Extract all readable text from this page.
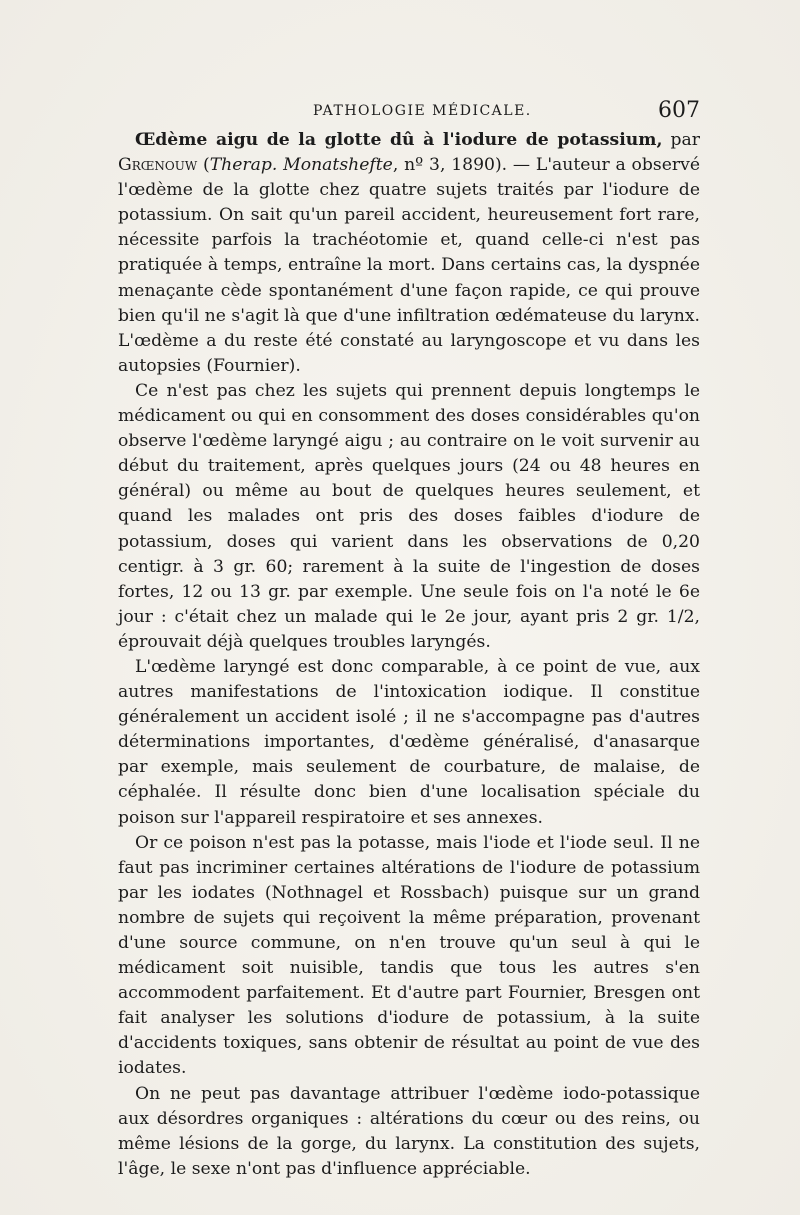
PATHOLOGIE MÉDICALE.	607

Œdème aigu de la glotte dû à l'iodure de potassium, par Grœnouw (Therap. Monatshefte, nº 3, 1890). — L'auteur a observé l'œdème de la glotte chez quatre sujets traités par l'iodure de potassium. On sait qu'un pareil accident, heureusement fort rare, nécessite parfois la trachéotomie et, quand celle-ci n'est pas pratiquée à temps, entraîne la mort. Dans certains cas, la dyspnée menaçante cède spontanément d'une façon rapide, ce qui prouve bien qu'il ne s'agit là que d'une infiltration œdémateuse du larynx. L'œdème a du reste été constaté au laryngoscope et vu dans les autopsies (Fournier).

Ce n'est pas chez les sujets qui prennent depuis longtemps le médicament ou qui en consomment des doses considérables qu'on observe l'œdème laryngé aigu ; au contraire on le voit survenir au début du traitement, après quelques jours (24 ou 48 heures en général) ou même au bout de quelques heures seulement, et quand les malades ont pris des doses faibles d'iodure de potassium, doses qui varient dans les observations de 0,20 centigr. à 3 gr. 60; rarement à la suite de l'ingestion de doses fortes, 12 ou 13 gr. par exemple. Une seule fois on l'a noté le 6e jour : c'était chez un malade qui le 2e jour, ayant pris 2 gr. 1/2, éprouvait déjà quelques troubles laryngés.

L'œdème laryngé est donc comparable, à ce point de vue, aux autres manifestations de l'intoxication iodique. Il constitue généralement un accident isolé ; il ne s'accompagne pas d'autres déterminations importantes, d'œdème généralisé, d'anasarque par exemple, mais seulement de courbature, de malaise, de céphalée. Il résulte donc bien d'une localisation spéciale du poison sur l'appareil respiratoire et ses annexes.

Or ce poison n'est pas la potasse, mais l'iode et l'iode seul. Il ne faut pas incriminer certaines altérations de l'iodure de potassium par les iodates (Nothnagel et Rossbach) puisque sur un grand nombre de sujets qui reçoivent la même préparation, provenant d'une source commune, on n'en trouve qu'un seul à qui le médicament soit nuisible, tandis que tous les autres s'en accommodent parfaitement. Et d'autre part Fournier, Bresgen ont fait analyser les solutions d'iodure de potassium, à la suite d'accidents toxiques, sans obtenir de résultat au point de vue des iodates.

On ne peut pas davantage attribuer l'œdème iodo-potassique aux désordres organiques : altérations du cœur ou des reins, ou même lésions de la gorge, du larynx. La constitution des sujets, l'âge, le sexe n'ont pas d'influence appréciable.
